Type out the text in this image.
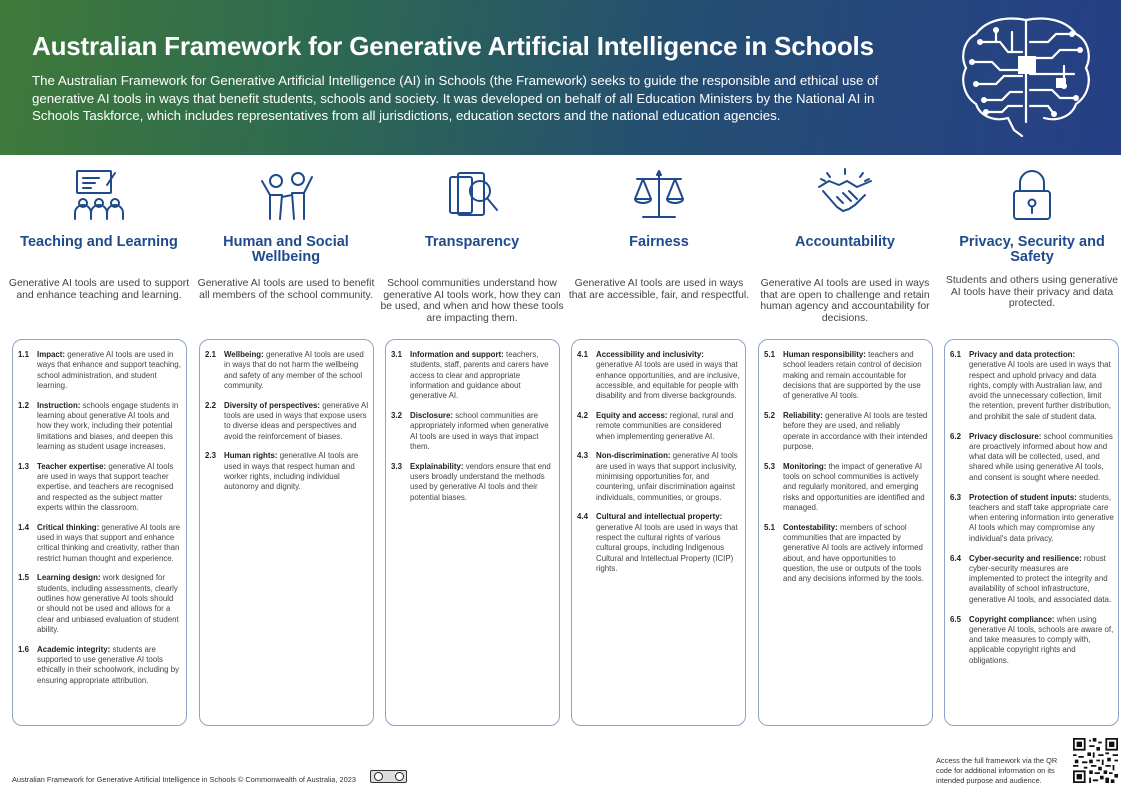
Australian Framework for Generative Artificial Intelligence in Schools

The Australian Framework for Generative Artificial Intelligence (AI) in Schools (the Framework) seeks to guide the responsible and ethical use of generative AI tools in ways that benefit students, schools and society. It was developed on behalf of all Education Ministers by the National AI in Schools Taskforce, which includes representatives from all jurisdictions, education sectors and the national education agencies.

Teaching and Learning
Generative AI tools are used to support and enhance teaching and learning.
1.1	Impact: generative AI tools are used in ways that enhance and support teaching, school administration, and student learning.
1.2	Instruction: schools engage students in learning about generative AI tools and how they work, including their potential limitations and biases, and deepen this learning as student usage increases.
1.3	Teacher expertise: generative AI tools are used in ways that support teacher expertise, and teachers are recognised and respected as the subject matter experts within the classroom.
1.4	Critical thinking: generative AI tools are used in ways that support and enhance critical thinking and creativity, rather than restrict human thought and experience.
1.5	Learning design: work designed for students, including assessments, clearly outlines how generative AI tools should or should not be used and allows for a clear and unbiased evaluation of student ability.
1.6	Academic integrity: students are supported to use generative AI tools ethically in their schoolwork, including by ensuring appropriate attribution.
Human and Social Wellbeing
Generative AI tools are used to benefit all members of the school community.
2.1	Wellbeing: generative AI tools are used in ways that do not harm the wellbeing and safety of any member of the school community.
2.2	Diversity of perspectives: generative AI tools are used in ways that expose users to diverse ideas and perspectives and avoid the reinforcement of biases.
2.3	Human rights: generative AI tools are used in ways that respect human and worker rights, including individual autonomy and dignity.
Transparency
School communities understand how generative AI tools work, how they can be used, and when and how these tools are impacting them.
3.1	Information and support: teachers, students, staff, parents and carers have access to clear and appropriate information and guidance about generative AI.
3.2	Disclosure: school communities are appropriately informed when generative AI tools are used in ways that impact them.
3.3	Explainability: vendors ensure that end users broadly understand the methods used by generative AI tools and their potential biases.
Fairness
Generative AI tools are used in ways that are accessible, fair, and respectful.
4.1	Accessibility and inclusivity: generative AI tools are used in ways that enhance opportunities, and are inclusive, accessible, and equitable for people with disability and from diverse backgrounds.
4.2	Equity and access: regional, rural and remote communities are considered when implementing generative AI.
4.3	Non-discrimination: generative AI tools are used in ways that support inclusivity, minimising opportunities for, and countering, unfair discrimination against individuals, communities, or groups.
4.4	Cultural and intellectual property: generative AI tools are used in ways that respect the cultural rights of various cultural groups, including Indigenous Cultural and Intellectual Property (ICIP) rights.
Accountability
Generative AI tools are used in ways that are open to challenge and retain human agency and accountability for decisions.
5.1	Human responsibility: teachers and school leaders retain control of decision making and remain accountable for decisions that are supported by the use of generative AI tools.
5.2	Reliability: generative AI tools are tested before they are used, and reliably operate in accordance with their intended purpose.
5.3	Monitoring: the impact of generative AI tools on school communities is actively and regularly monitored, and emerging risks and opportunities are identified and managed.
5.1	Contestability: members of school communities that are impacted by generative AI tools are actively informed about, and have opportunities to question, the use or outputs of the tools and any decisions informed by the tools.
Privacy, Security and Safety
Students and others using generative AI tools have their privacy and data protected.
6.1	Privacy and data protection: generative AI tools are used in ways that respect and uphold privacy and data rights, comply with Australian law, and avoid the unnecessary collection, limit the retention, prevent further distribution, and prohibit the sale of student data.
6.2	Privacy disclosure: school communities are proactively informed about how and what data will be collected, used, and shared while using generative AI tools, and consent is sought where needed.
6.3	Protection of student inputs: students, teachers and staff take appropriate care when entering information into generative AI tools which may compromise any individual's data privacy.
6.4	Cyber-security and resilience: robust cyber-security measures are implemented to protect the integrity and availability of school infrastructure, generative AI tools, and associated data.
6.5	Copyright compliance: when using generative AI tools, schools are aware of, and take measures to comply with, applicable copyright rights and obligations.
Australian Framework for Generative Artificial Intelligence in Schools © Commonwealth of Australia, 2023
Access the full framework via the QR code for additional information on its intended purpose and audience.
